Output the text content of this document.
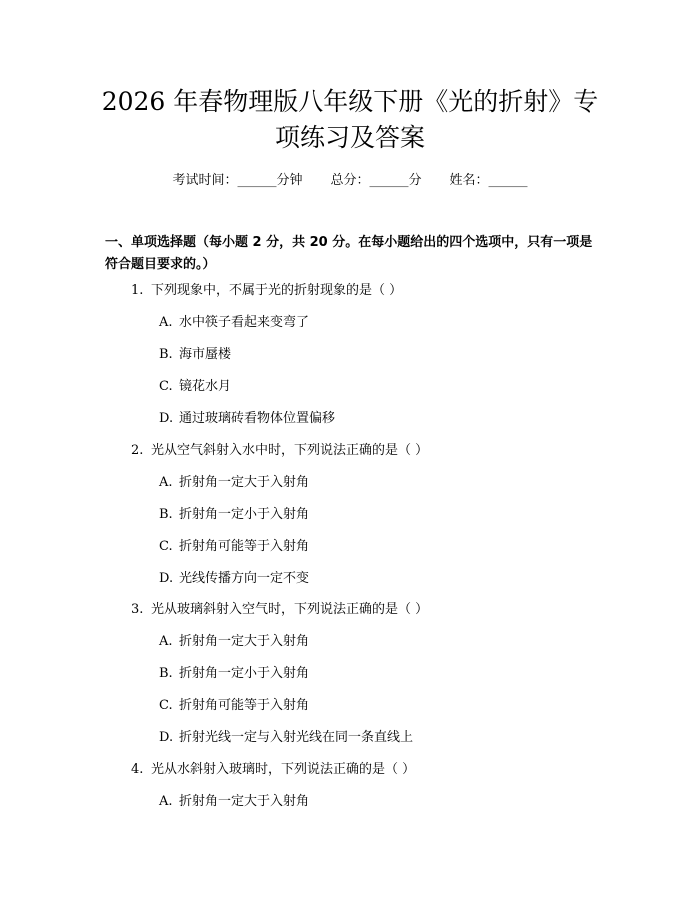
2026 年春物理版八年级下册《光的折射》专
项练习及答案
考试时间：______分钟 总分：______分 姓名：______
一、单项选择题（每小题 2 分，共 20 分。在每小题给出的四个选项中，只有一项是符合题目要求的。）
1. 下列现象中，不属于光的折射现象的是（ ）
A. 水中筷子看起来变弯了
B. 海市蜃楼
C. 镜花水月
D. 通过玻璃砖看物体位置偏移
2. 光从空气斜射入水中时，下列说法正确的是（ ）
A. 折射角一定大于入射角
B. 折射角一定小于入射角
C. 折射角可能等于入射角
D. 光线传播方向一定不变
3. 光从玻璃斜射入空气时，下列说法正确的是（ ）
A. 折射角一定大于入射角
B. 折射角一定小于入射角
C. 折射角可能等于入射角
D. 折射光线一定与入射光线在同一条直线上
4. 光从水斜射入玻璃时，下列说法正确的是（ ）
A. 折射角一定大于入射角
